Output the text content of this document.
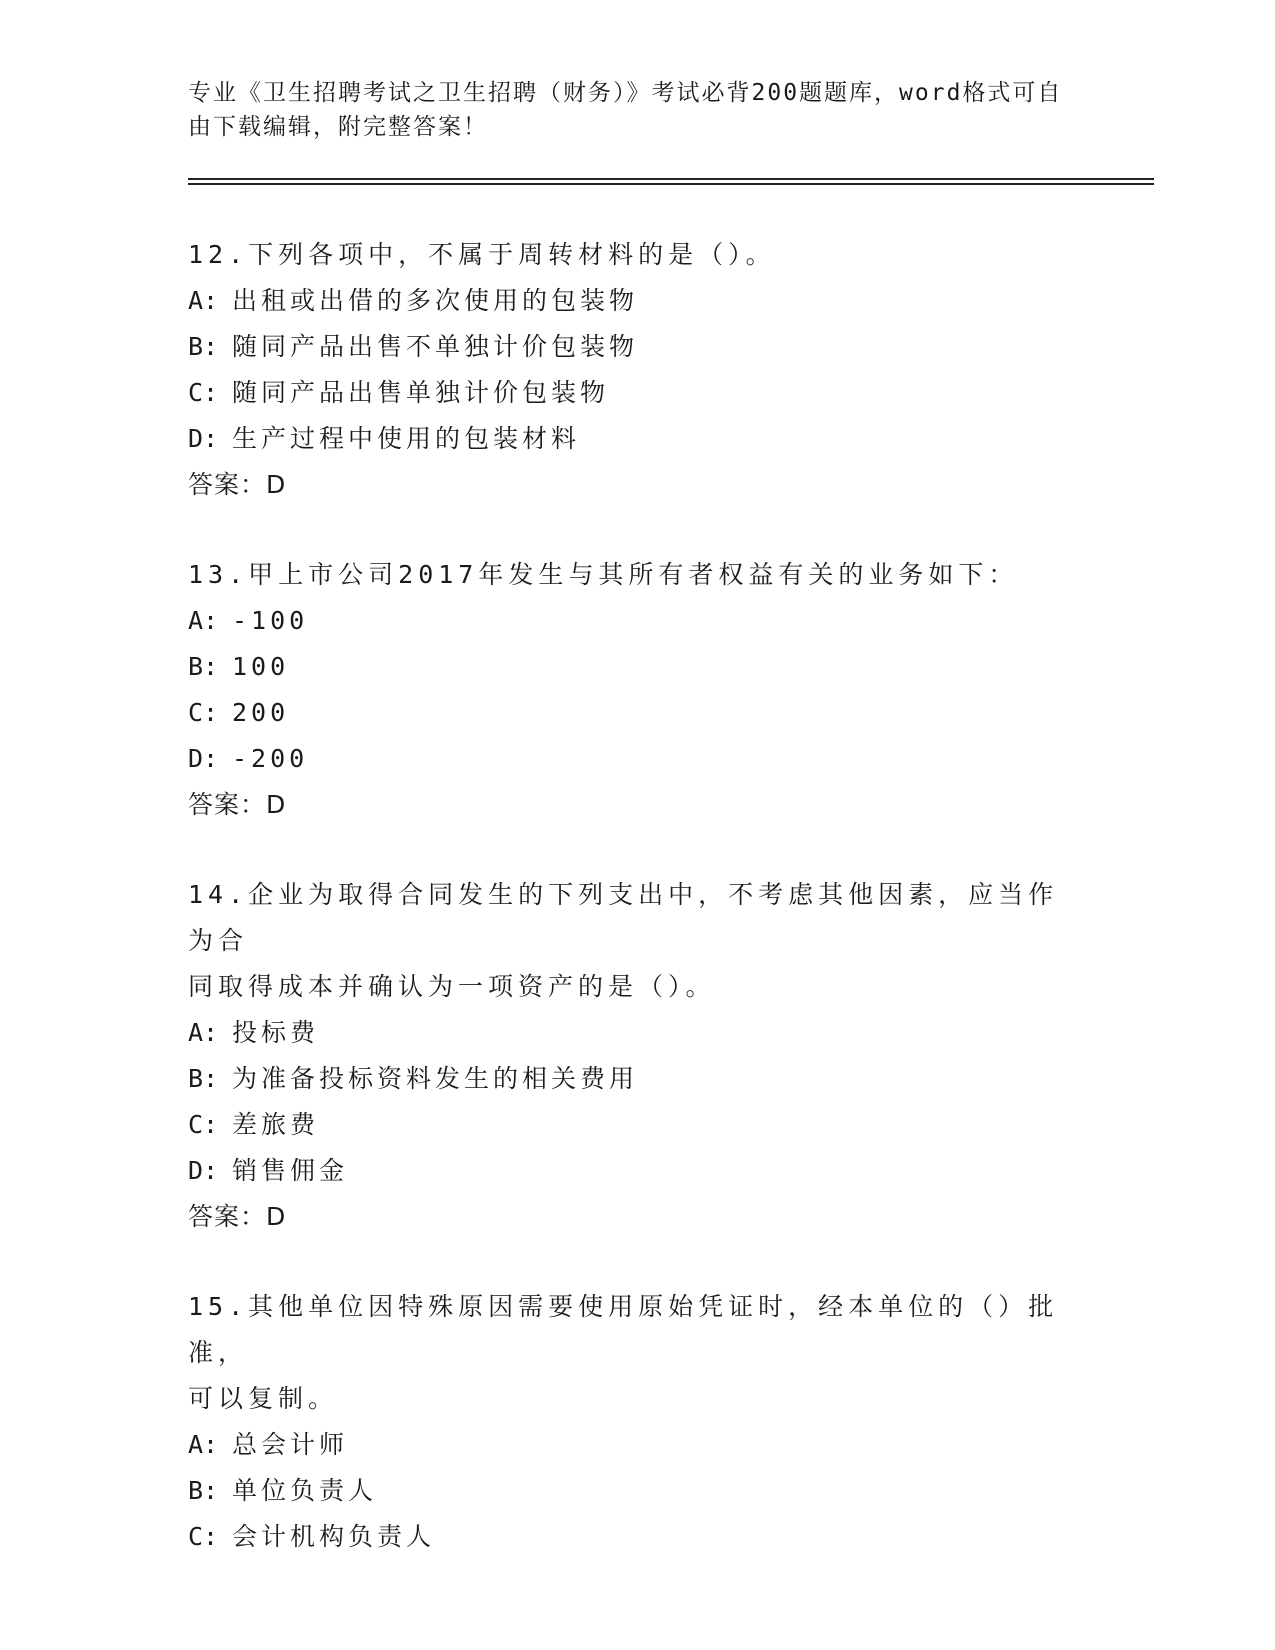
专业《卫生招聘考试之卫生招聘（财务）》考试必背200题题库，word格式可自
由下载编辑，附完整答案！

12.下列各项中，不属于周转材料的是（）。

A: 出租或出借的多次使用的包装物

B: 随同产品出售不单独计价包装物

C: 随同产品出售单独计价包装物

D: 生产过程中使用的包装材料

答案：D

13.甲上市公司2017年发生与其所有者权益有关的业务如下：

A: -100

B: 100

C: 200

D: -200

答案：D

14.企业为取得合同发生的下列支出中，不考虑其他因素，应当作为合

同取得成本并确认为一项资产的是（）。

A: 投标费

B: 为准备投标资料发生的相关费用

C: 差旅费

D: 销售佣金

答案：D

15.其他单位因特殊原因需要使用原始凭证时，经本单位的（）批准，

可以复制。

A: 总会计师

B: 单位负责人

C: 会计机构负责人
